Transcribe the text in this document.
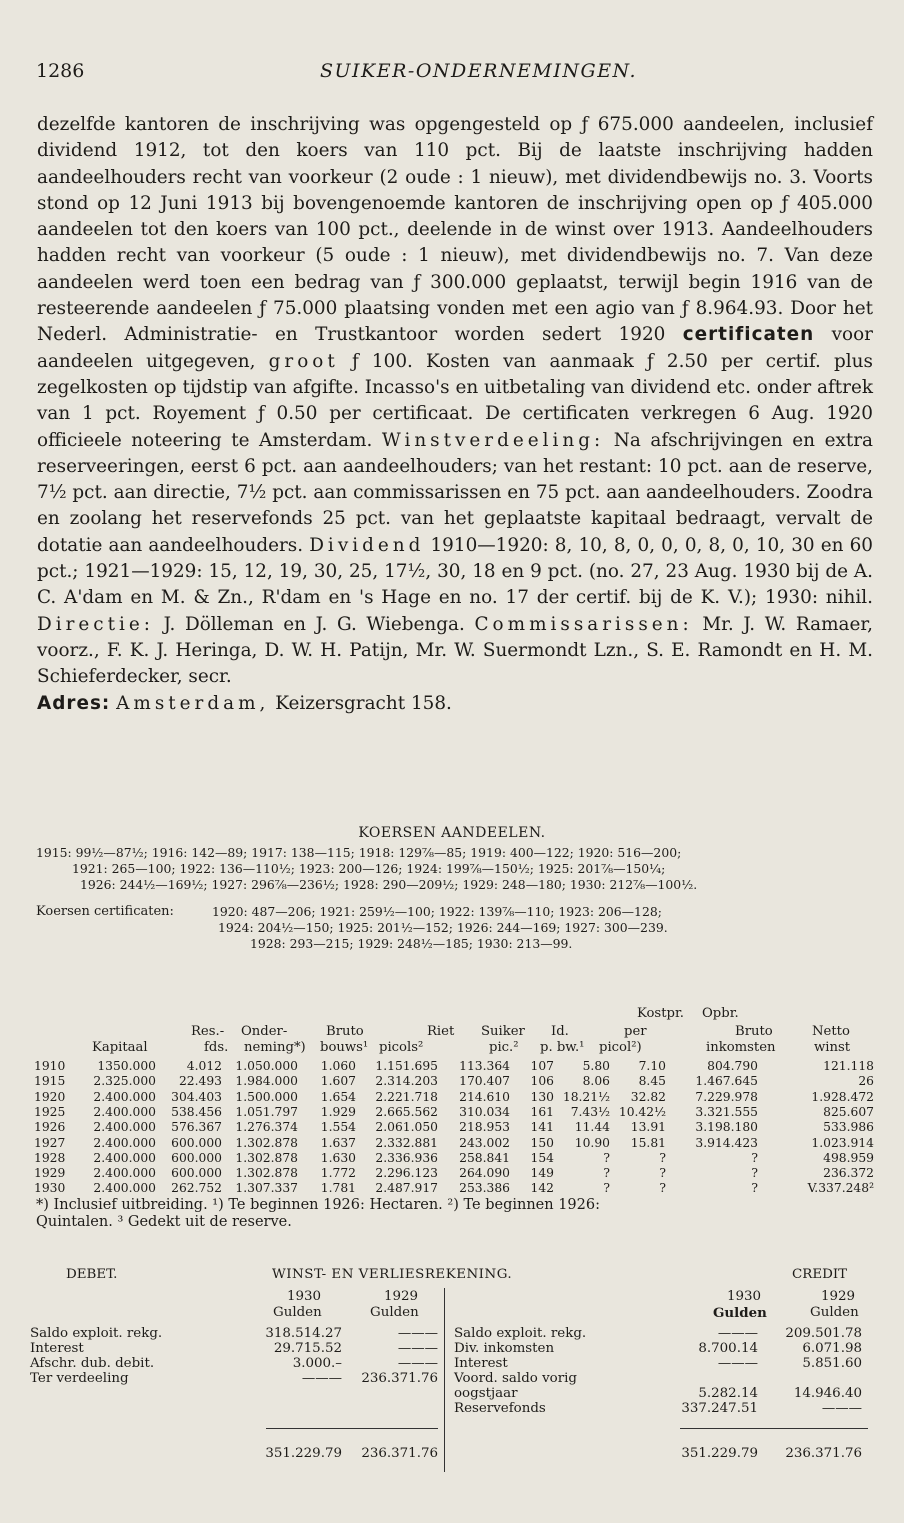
1286	SUIKER-ONDERNEMINGEN.
dezelfde kantoren de inschrijving was opgengesteld op ƒ 675.000 aandeelen, inclusief dividend 1912, tot den koers van 110 pct. Bij de laatste inschrijving hadden aandeelhouders recht van voorkeur (2 oude : 1 nieuw), met dividendbewijs no. 3. Voorts stond op 12 Juni 1913 bij bovengenoemde kantoren de inschrijving open op ƒ 405.000 aandeelen tot den koers van 100 pct., deelende in de winst over 1913. Aandeelhouders hadden recht van voorkeur (5 oude : 1 nieuw), met dividendbewijs no. 7. Van deze aandeelen werd toen een bedrag van ƒ 300.000 geplaatst, terwijl begin 1916 van de resteerende aandeelen ƒ 75.000 plaatsing vonden met een agio van ƒ 8.964.93. Door het Nederl. Administratie- en Trustkantoor worden sedert 1920 certificaten voor aandeelen uitgegeven, groot ƒ 100. Kosten van aanmaak ƒ 2.50 per certif. plus zegelkosten op tijdstip van afgifte. Incasso's en uitbetaling van dividend etc. onder aftrek van 1 pct. Royement ƒ 0.50 per certificaat. De certificaten verkregen 6 Aug. 1920 officieele noteering te Amsterdam. Winstverdeeling: Na afschrijvingen en extra reserveeringen, eerst 6 pct. aan aandeelhouders; van het restant: 10 pct. aan de reserve, 7½ pct. aan directie, 7½ pct. aan commissarissen en 75 pct. aan aandeelhouders. Zoodra en zoolang het reservefonds 25 pct. van het geplaatste kapitaal bedraagt, vervalt de dotatie aan aandeelhouders. Dividend 1910—1920: 8, 10, 8, 0, 0, 0, 8, 0, 10, 30 en 60 pct.; 1921—1929: 15, 12, 19, 30, 25, 17½, 30, 18 en 9 pct. (no. 27, 23 Aug. 1930 bij de A. C. A'dam en M. & Zn., R'dam en 's Hage en no. 17 der certif. bij de K. V.); 1930: nihil. Directie: J. Dölleman en J. G. Wiebenga. Commissarissen: Mr. J. W. Ramaer, voorz., F. K. J. Heringa, D. W. H. Patijn, Mr. W. Suermondt Lzn., S. E. Ramondt en H. M. Schieferdecker, secr.
Adres: Amsterdam, Keizersgracht 158.
KOERSEN AANDEELEN.
1915: 99½—87½; 1916: 142—89; 1917: 138—115; 1918: 129⅞—85; 1919: 400—122; 1920: 516—200;
1921: 265—100; 1922: 136—110½; 1923: 200—126; 1924: 199⅞—150½; 1925: 201⅞—150¼;
1926: 244½—169½; 1927: 296⅞—236½; 1928: 290—209½; 1929: 248—180; 1930: 212⅞—100½.
Koersen certificaten:	1920: 487—206; 1921: 259½—100; 1922: 139⅞—110; 1923: 206—128;
1924: 204½—150; 1925: 201½—152; 1926: 244—169; 1927: 300—239.
1928: 293—215; 1929: 248½—185; 1930: 213—99.
Kostpr. Opbr.
Res.- Onder-	Bruto	Riet Suiker Id.	per	Bruto	Netto
Kapitaal	fds. neming*) bouws¹ picols²	pic.² p. bw.¹ picol²)	inkomsten	winst
1910	1350.000	4.012	1.050.000	1.060	1.151.695	113.364	107	5.80	7.10	804.790	121.118
1915	2.325.000	22.493	1.984.000	1.607	2.314.203	170.407	106	8.06	8.45	1.467.645	26
1920	2.400.000	304.403	1.500.000	1.654	2.221.718	214.610	130 18.21½	32.82	7.229.978	1.928.472
1925	2.400.000	538.456	1.051.797	1.929	2.665.562	310.034	161	7.43½ 10.42½	3.321.555	825.607
1926	2.400.000	576.367	1.276.374	1.554	2.061.050	218.953	141	11.44	13.91	3.198.180	533.986
1927	2.400.000	600.000	1.302.878	1.637	2.332.881	243.002	150	10.90	15.81	3.914.423	1.023.914
1928	2.400.000	600.000	1.302.878	1.630	2.336.936	258.841	154	?	?	?	498.959
1929	2.400.000	600.000	1.302.878	1.772	2.296.123	264.090	149	?	?	?	236.372
1930	2.400.000	262.752	1.307.337	1.781	2.487.917	253.386	142	?	?	?	V.337.248²
*) Inclusief uitbreiding. ¹) Te beginnen 1926: Hectaren. ²) Te beginnen 1926:
Quintalen. ³ Gedekt uit de reserve.
DEBET.	WINST- EN VERLIESREKENING.	CREDIT
1930	1929
Gulden	Gulden
1930	1929
Gulden	Gulden
Saldo exploit. rekg.	318.514.27	———
Interest	29.715.52	———
Afschr. dub. debit.	3.000.–	———
Ter verdeeling	———	236.371.76
Saldo exploit. rekg.	———	209.501.78
Div. inkomsten	8.700.14	6.071.98
Interest	———	5.851.60
Voord. saldo vorig
oogstjaar	5.282.14	14.946.40
Reservefonds	337.247.51	———
351.229.79	236.371.76	351.229.79	236.371.76
